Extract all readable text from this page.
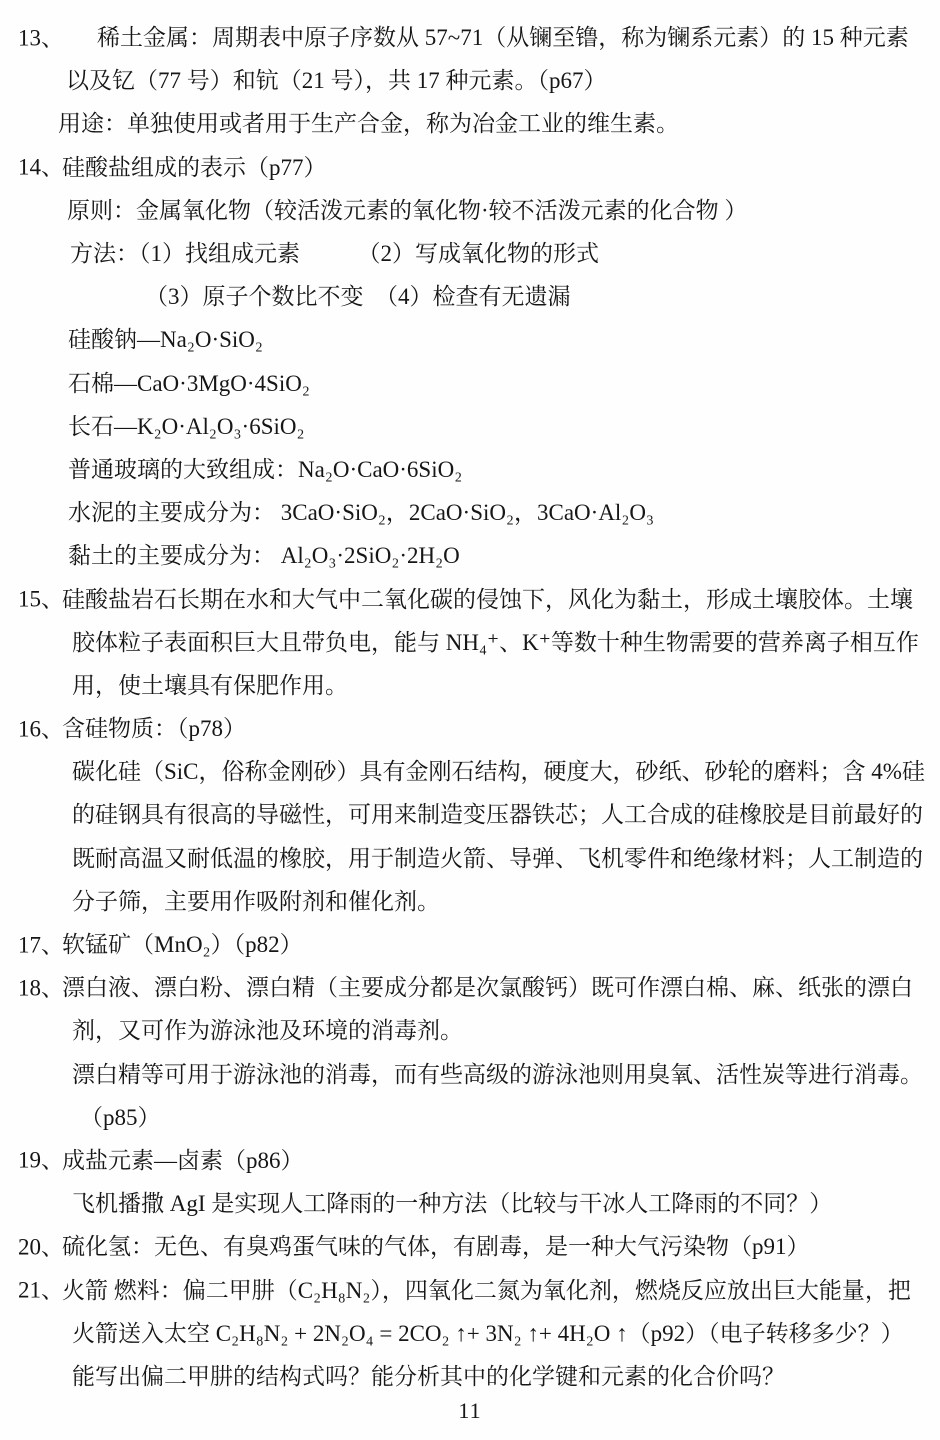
13、 稀土金属：周期表中原子序数从 57~71（从镧至镥，称为镧系元素）的 15 种元素
以及钇（77 号）和钪（21 号），共 17 种元素。（p67）
用途：单独使用或者用于生产合金，称为冶金工业的维生素。
14、
硅酸盐组成的表示（p77）
原则：金属氧化物（较活泼元素的氧化物·较不活泼元素的化合物 ）
方法：（1）找组成元素　　　（2）写成氧化物的形式
（3）原子个数比不变　（4）检查有无遗漏
硅酸钠—Na₂O·SiO₂
石棉—CaO·3MgO·4SiO₂
长石—K₂O·Al₂O₃·6SiO₂
普通玻璃的大致组成：Na₂O·CaO·6SiO₂
水泥的主要成分为： 3CaO·SiO₂，2CaO·SiO₂，3CaO·Al₂O₃
黏土的主要成分为： Al₂O₃·2SiO₂·2H₂O
15、
硅酸盐岩石长期在水和大气中二氧化碳的侵蚀下，风化为黏土，形成土壤胶体。土壤
胶体粒子表面积巨大且带负电，能与 NH₄⁺、K⁺等数十种生物需要的营养离子相互作
用，使土壤具有保肥作用。
16、
含硅物质：（p78）
碳化硅（SiC，俗称金刚砂）具有金刚石结构，硬度大，砂纸、砂轮的磨料；含 4%硅
的硅钢具有很高的导磁性，可用来制造变压器铁芯；人工合成的硅橡胶是目前最好的
既耐高温又耐低温的橡胶，用于制造火箭、导弹、飞机零件和绝缘材料；人工制造的
分子筛，主要用作吸附剂和催化剂。
17、
软锰矿（MnO₂）（p82）
18、
漂白液、漂白粉、漂白精（主要成分都是次氯酸钙）既可作漂白棉、麻、纸张的漂白
剂，又可作为游泳池及环境的消毒剂。
漂白精等可用于游泳池的消毒，而有些高级的游泳池则用臭氧、活性炭等进行消毒。
（p85）
19、
成盐元素—卤素（p86）
飞机播撒 AgI 是实现人工降雨的一种方法（比较与干冰人工降雨的不同？）
20、
硫化氢：无色、有臭鸡蛋气味的气体，有剧毒，是一种大气污染物（p91）
21、
火箭 燃料：偏二甲肼（C₂H₈N₂），四氧化二氮为氧化剂，燃烧反应放出巨大能量，把
火箭送入太空 C₂H₈N₂ + 2N₂O₄ = 2CO₂ ↑+ 3N₂ ↑+ 4H₂O ↑（p92）（电子转移多少？）
能写出偏二甲肼的结构式吗？能分析其中的化学键和元素的化合价吗？
11
